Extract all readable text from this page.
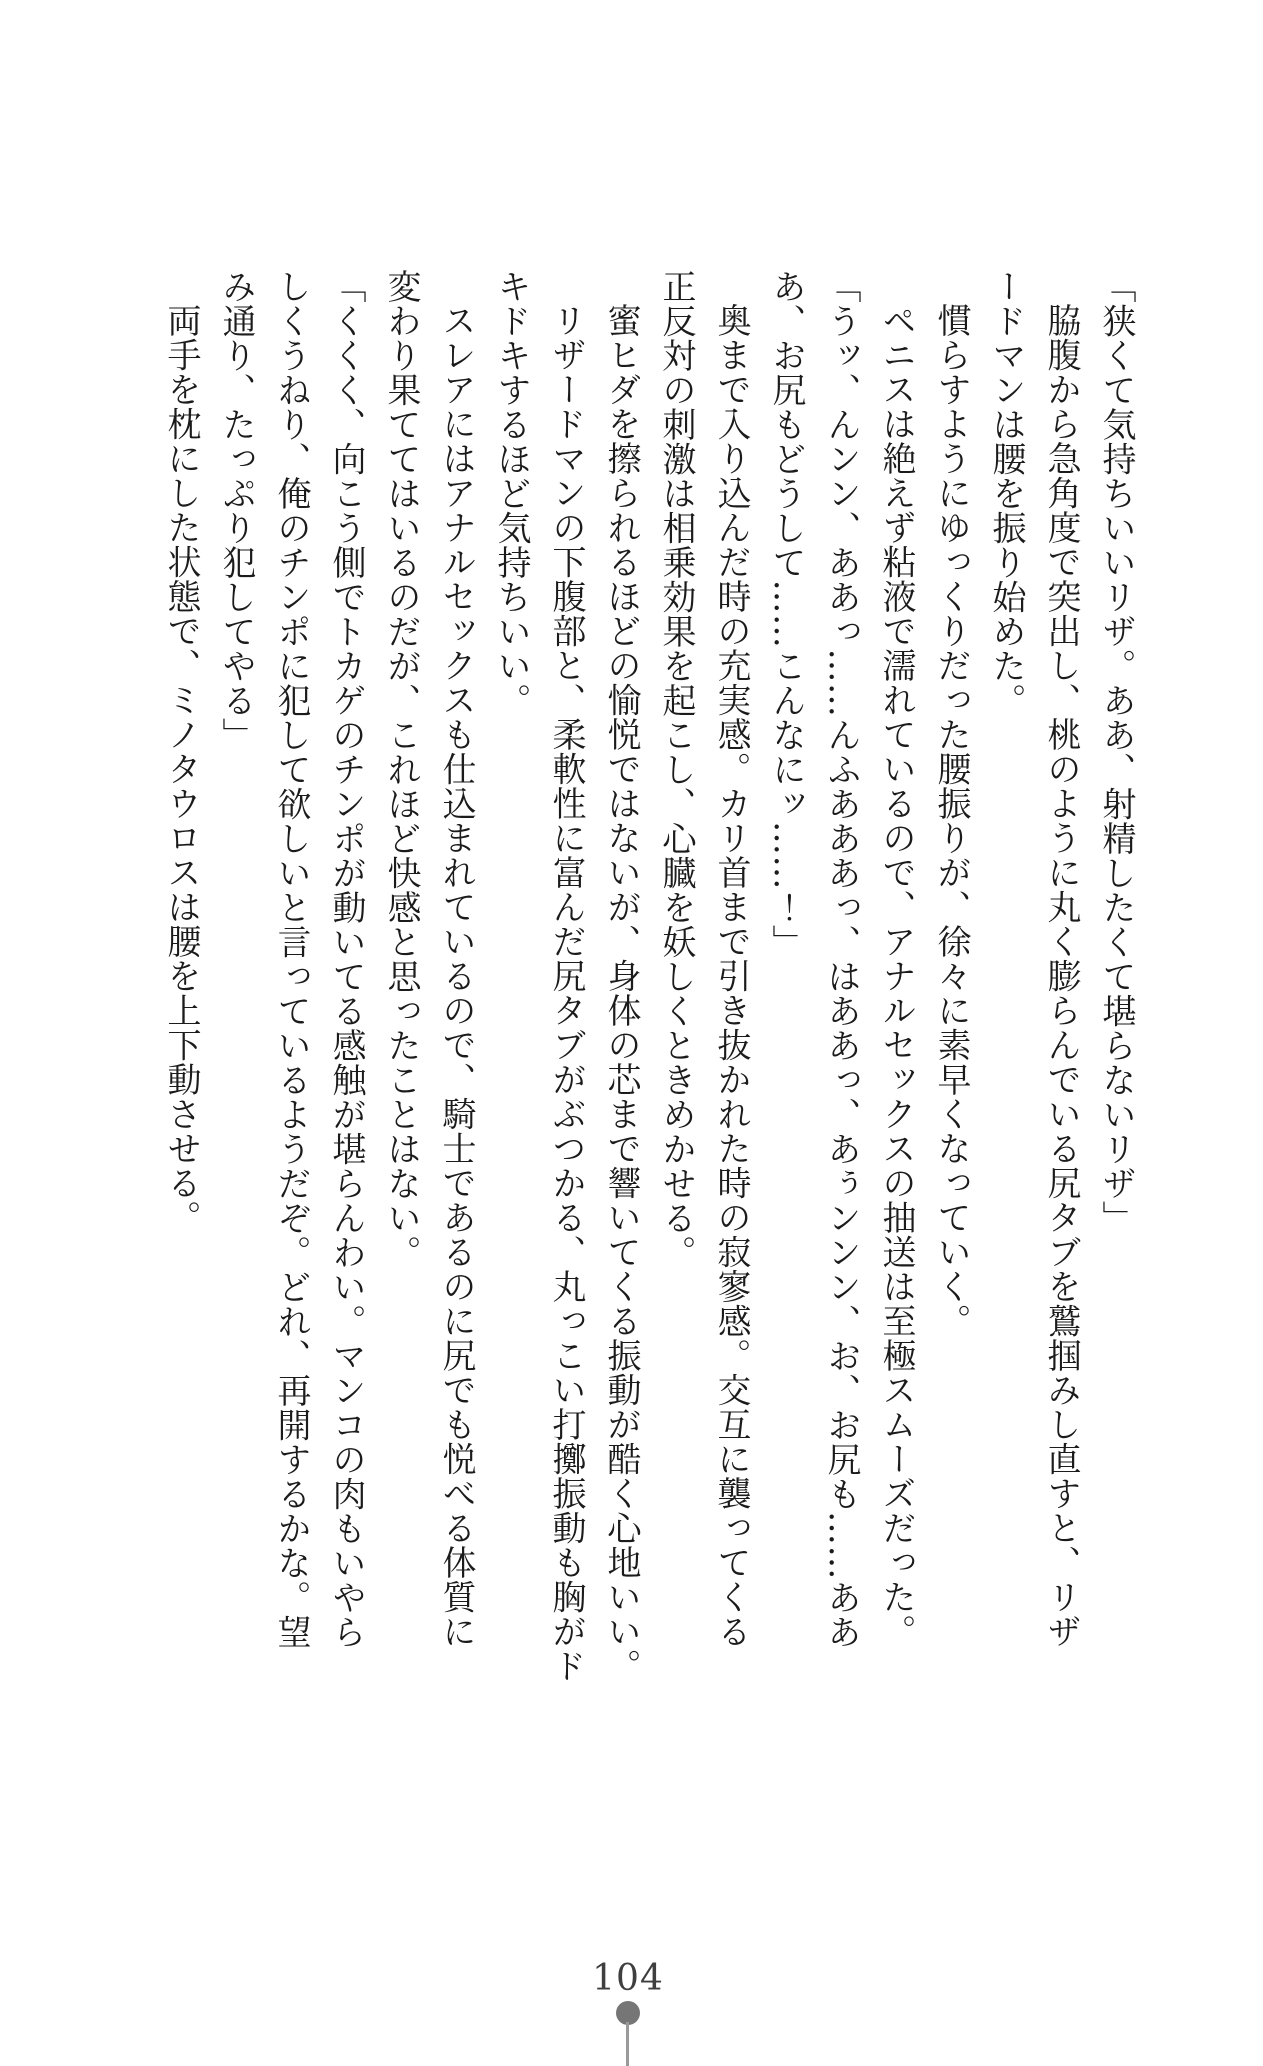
「狭くて気持ちいいリザ。ああ、射精したくて堪らないリザ」

脇腹から急角度で突出し、桃のように丸く膨らんでいる尻タブを鷲掴みし直すと、リザ

ードマンは腰を振り始めた。

慣らすようにゆっくりだった腰振りが、徐々に素早くなっていく。

ペニスは絶えず粘液で濡れているので、アナルセックスの抽送は至極スムーズだった。

「うッ、んンン、ああっ……んふあああっ、はああっ、あぅンンン、お、お尻も……ああ

あ、お尻もどうして……こんなにッ……！」

奥まで入り込んだ時の充実感。カリ首まで引き抜かれた時の寂寥感。交互に襲ってくる

正反対の刺激は相乗効果を起こし、心臓を妖しくときめかせる。

蜜ヒダを擦られるほどの愉悦ではないが、身体の芯まで響いてくる振動が酷く心地いい。

リザードマンの下腹部と、柔軟性に富んだ尻タブがぶつかる、丸っこい打擲振動も胸がド

キドキするほど気持ちいい。

スレアにはアナルセックスも仕込まれているので、騎士であるのに尻でも悦べる体質に

変わり果ててはいるのだが、これほど快感と思ったことはない。

「くくく、向こう側でトカゲのチンポが動いてる感触が堪らんわい。マンコの肉もいやら

しくうねり、俺のチンポに犯して欲しいと言っているようだぞ。どれ、再開するかな。望

み通り、たっぷり犯してやる」

両手を枕にした状態で、ミノタウロスは腰を上下動させる。

104
